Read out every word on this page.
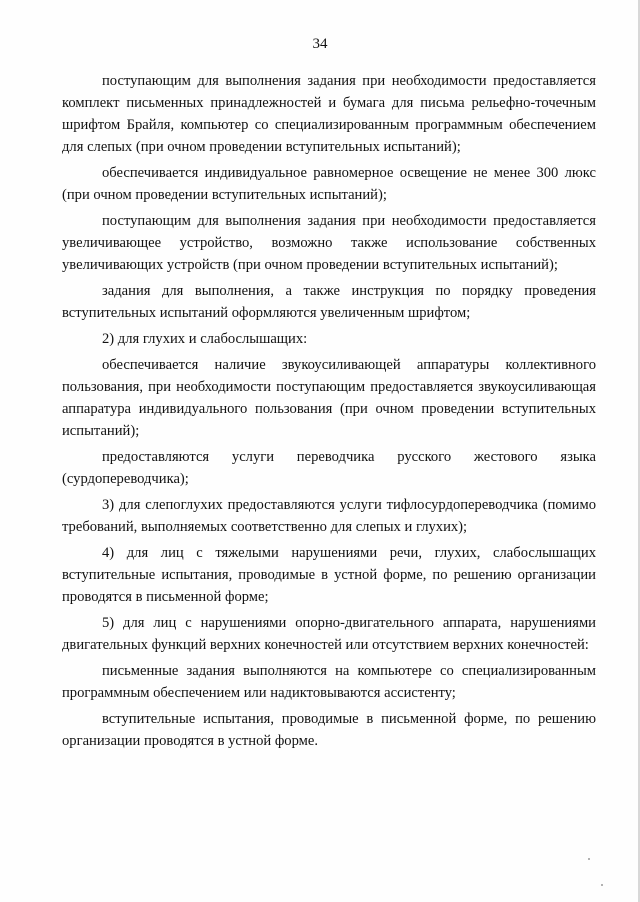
34

поступающим для выполнения задания при необходимости предоставляется комплект письменных принадлежностей и бумага для письма рельефно-точечным шрифтом Брайля, компьютер со специализированным программным обеспечением для слепых (при очном проведении вступительных испытаний);

обеспечивается индивидуальное равномерное освещение не менее 300 люкс (при очном проведении вступительных испытаний);

поступающим для выполнения задания при необходимости предоставляется увеличивающее устройство, возможно также использование собственных увеличивающих устройств (при очном проведении вступительных испытаний);

задания для выполнения, а также инструкция по порядку проведения вступительных испытаний оформляются увеличенным шрифтом;

2) для глухих и слабослышащих:

обеспечивается наличие звукоусиливающей аппаратуры коллективного пользования, при необходимости поступающим предоставляется звукоусиливающая аппаратура индивидуального пользования (при очном проведении вступительных испытаний);

предоставляются услуги переводчика русского жестового языка (сурдопереводчика);

3) для слепоглухих предоставляются услуги тифлосурдопереводчика (помимо требований, выполняемых соответственно для слепых и глухих);

4) для лиц с тяжелыми нарушениями речи, глухих, слабослышащих вступительные испытания, проводимые в устной форме, по решению организации проводятся в письменной форме;

5) для лиц с нарушениями опорно-двигательного аппарата, нарушениями двигательных функций верхних конечностей или отсутствием верхних конечностей:

письменные задания выполняются на компьютере со специализированным программным обеспечением или надиктовываются ассистенту;

вступительные испытания, проводимые в письменной форме, по решению организации проводятся в устной форме.
